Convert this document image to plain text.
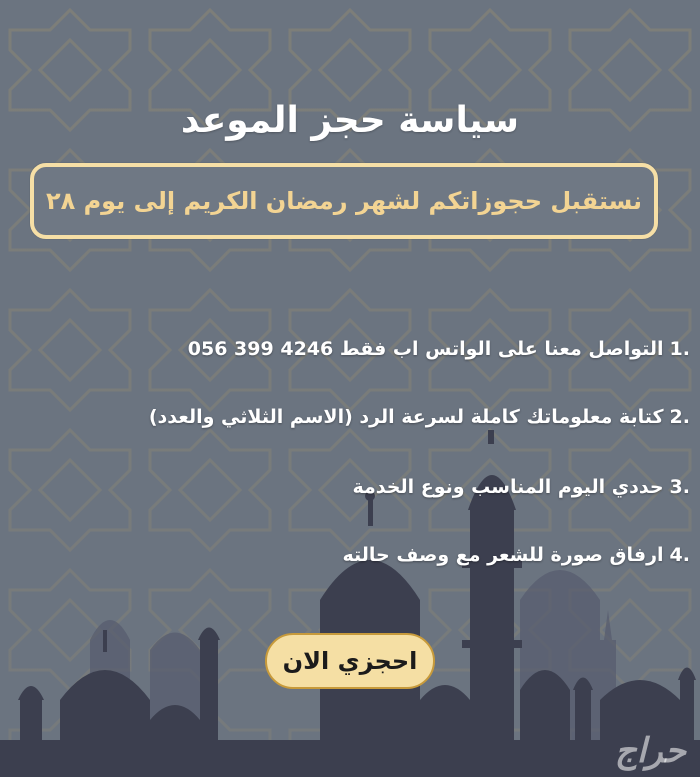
سياسة حجز الموعد
نستقبل حجوزاتكم لشهر رمضان الكريم إلى يوم ٢٨
.1التواصل معنا على الواتس اب فقط 4246 399 056
.2كتابة معلوماتك كاملة لسرعة الرد (الاسم الثلاثي والعدد)
.3حددي اليوم المناسب ونوع الخدمة
.4ارفاق صورة للشعر مع وصف حالته
احجزي الان
حراج
